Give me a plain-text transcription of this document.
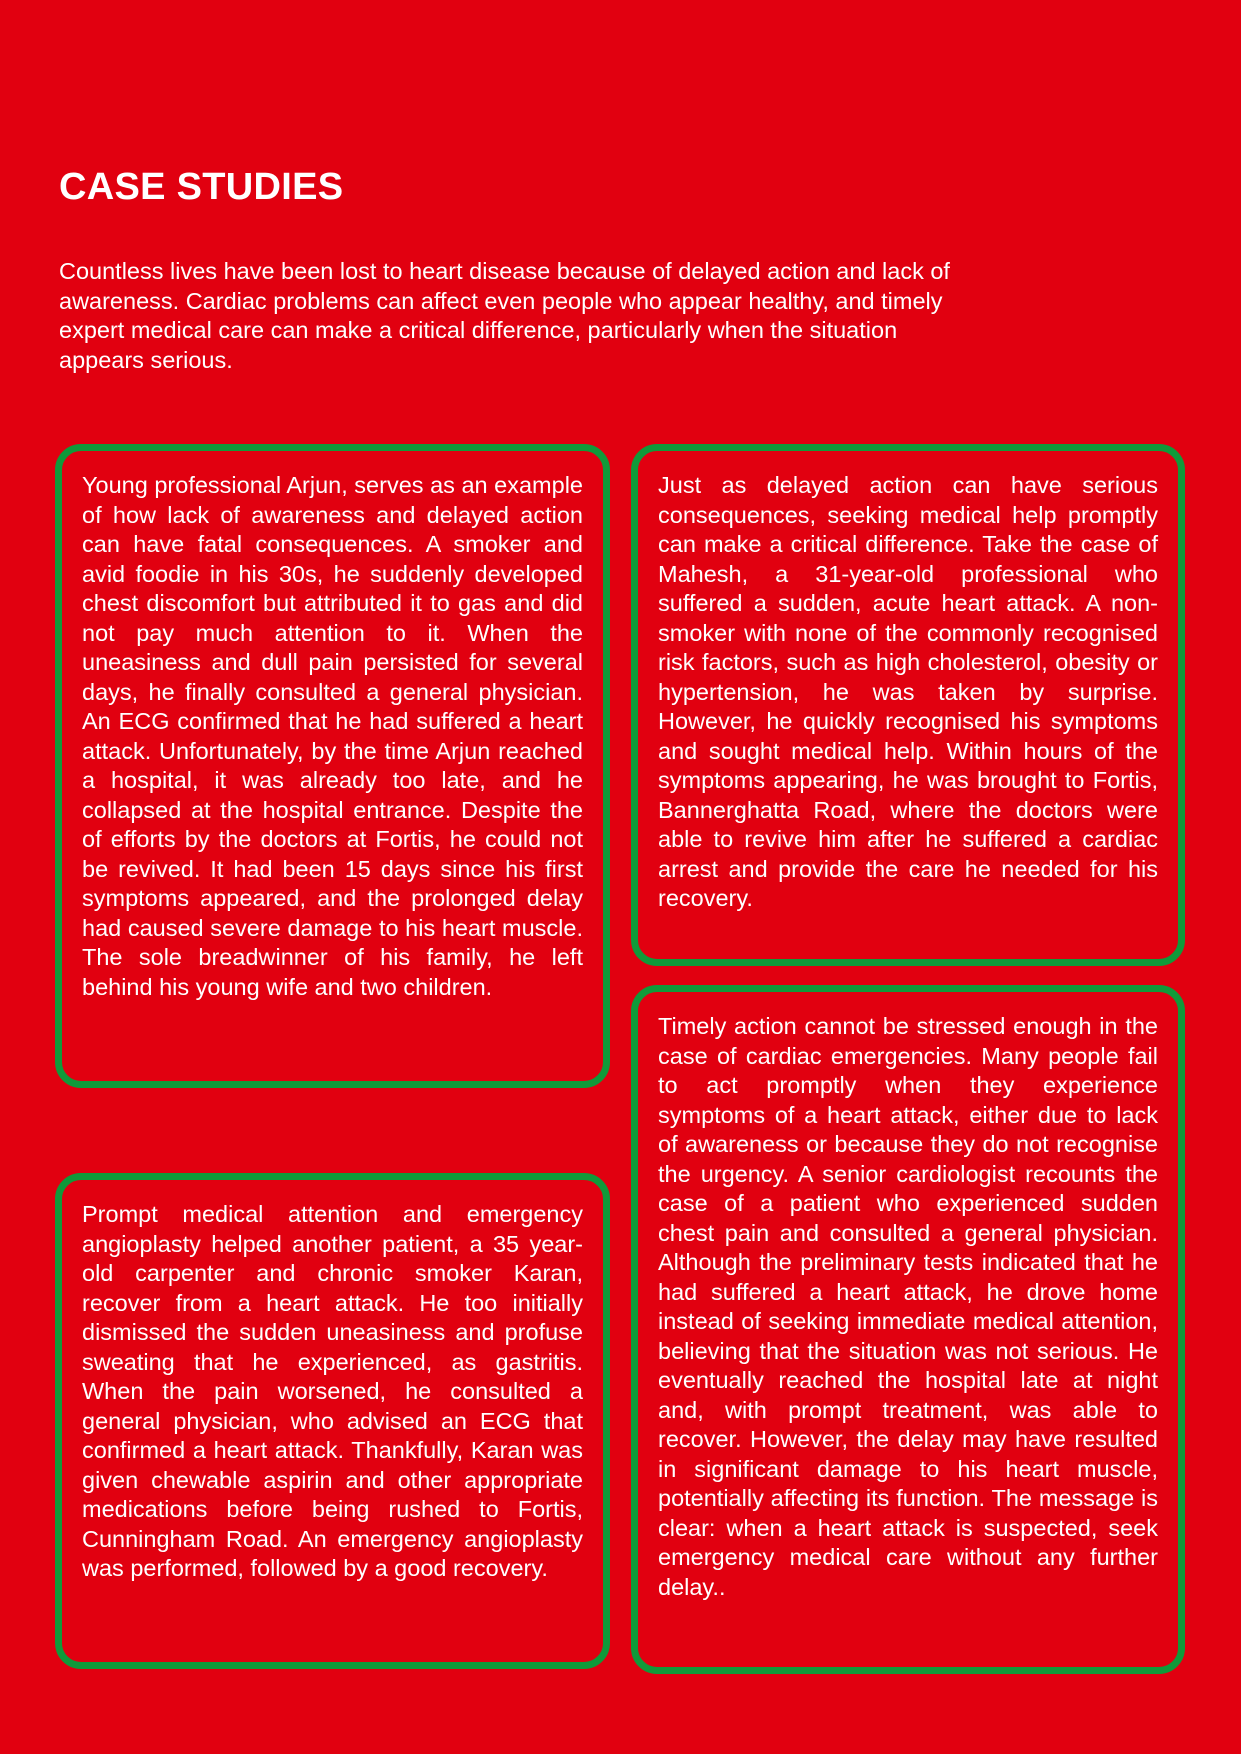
CASE STUDIES

Countless lives have been lost to heart disease because of delayed action and lack of awareness. Cardiac problems can affect even people who appear healthy, and timely expert medical care can make a critical difference, particularly when the situation appears serious.

Young professional Arjun, serves as an example of how lack of awareness and delayed action can have fatal consequences. A smoker and avid foodie in his 30s, he suddenly developed chest discomfort but attributed it to gas and did not pay much attention to it. When the uneasiness and dull pain persisted for several days, he finally consulted a general physician. An ECG confirmed that he had suffered a heart attack. Unfortunately, by the time Arjun reached a hospital, it was already too late, and he collapsed at the hospital entrance. Despite the of efforts by the doctors at Fortis, he could not be revived. It had been 15 days since his first symptoms appeared, and the prolonged delay had caused severe damage to his heart muscle. The sole breadwinner of his family, he left behind his young wife and two children.

Just as delayed action can have serious consequences, seeking medical help promptly can make a critical difference. Take the case of Mahesh, a 31-year-old professional who suffered a sudden, acute heart attack. A non-smoker with none of the commonly recognised risk factors, such as high cholesterol, obesity or hypertension, he was taken by surprise. However, he quickly recognised his symptoms and sought medical help. Within hours of the symptoms appearing, he was brought to Fortis, Bannerghatta Road, where the doctors were able to revive him after he suffered a cardiac arrest and provide the care he needed for his recovery.

Prompt medical attention and emergency angioplasty helped another patient, a 35 year-old carpenter and chronic smoker Karan, recover from a heart attack. He too initially dismissed the sudden uneasiness and profuse sweating that he experienced, as gastritis. When the pain worsened, he consulted a general physician, who advised an ECG that confirmed a heart attack. Thankfully, Karan was given chewable aspirin and other appropriate medications before being rushed to Fortis, Cunningham Road. An emergency angioplasty was performed, followed by a good recovery.

Timely action cannot be stressed enough in the case of cardiac emergencies. Many people fail to act promptly when they experience symptoms of a heart attack, either due to lack of awareness or because they do not recognise the urgency. A senior cardiologist recounts the case of a patient who experienced sudden chest pain and consulted a general physician. Although the preliminary tests indicated that he had suffered a heart attack, he drove home instead of seeking immediate medical attention, believing that the situation was not serious. He eventually reached the hospital late at night and, with prompt treatment, was able to recover. However, the delay may have resulted in significant damage to his heart muscle, potentially affecting its function. The message is clear: when a heart attack is suspected, seek emergency medical care without any further delay..
